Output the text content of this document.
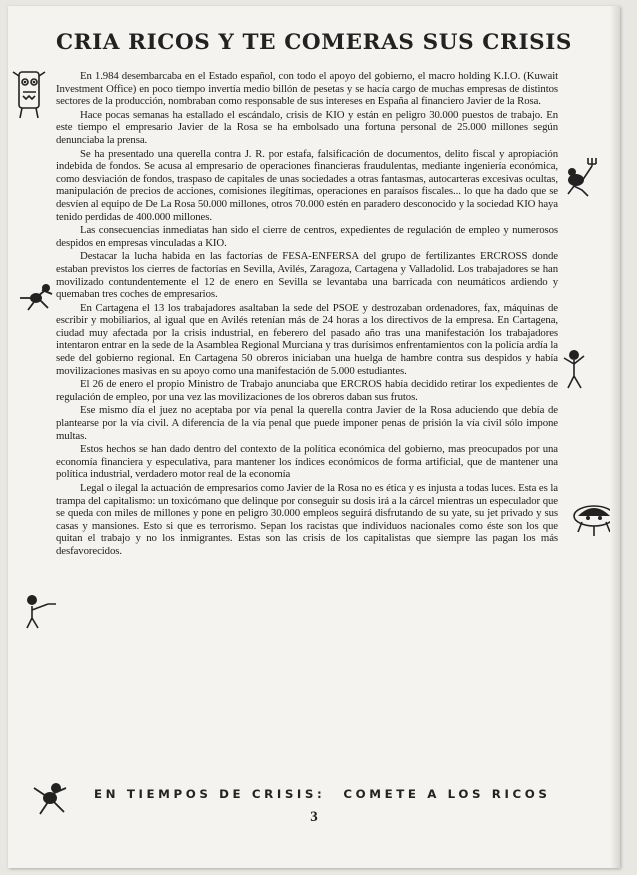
CRIA RICOS Y TE COMERAS SUS CRISIS

En 1.984 desembarcaba en el Estado español, con todo el apoyo del gobierno, el macro holding K.I.O. (Kuwait Investment Office) en poco tiempo invertía medio billón de pesetas y se hacía cargo de muchas empresas de distintos sectores de la producción, nombraban como responsable de sus intereses en España al financiero Javier de la Rosa.

Hace pocas semanas ha estallado el escándalo, crisis de KIO y están en peligro 30.000 puestos de trabajo. En este tiempo el empresario Javier de la Rosa se ha embolsado una fortuna personal de 25.000 millones según denunciaba la prensa.

Se ha presentado una querella contra J. R. por estafa, falsificación de documentos, delito fiscal y apropiación indebida de fondos. Se acusa al empresario de operaciones financieras fraudulentas, mediante ingeniería económica, como desviación de fondos, traspaso de capitales de unas sociedades a otras fantasmas, autocarteras excesivas ocultas, manipulación de precios de acciones, comisiones ilegítimas, operaciones en paraísos fiscales... lo que ha dado que se desvíen al equipo de De La Rosa 50.000 millones, otros 70.000 estén en paradero desconocido y la sociedad KIO haya tenido perdidas de 400.000 millones.

Las consecuencias inmediatas han sido el cierre de centros, expedientes de regulación de empleo y numerosos despidos en empresas vinculadas a KIO.

Destacar la lucha habida en las factorías de FESA-ENFERSA del grupo de fertilizantes ERCROSS donde estaban previstos los cierres de factorías en Sevilla, Avilés, Zaragoza, Cartagena y Valladolid. Los trabajadores se han movilizado contundentemente el 12 de enero en Sevilla se levantaba una barricada con neumáticos ardiendo y quemaban tres coches de empresarios.

En Cartagena el 13 los trabajadores asaltaban la sede del PSOE y destrozaban ordenadores, fax, máquinas de escribir y mobiliarios, al igual que en Avilés retenían más de 24 horas a los directivos de la empresa. En Cartagena, ciudad muy afectada por la crisis industrial, en feberero del pasado año tras una manifestación los trabajadores intentaron entrar en la sede de la Asamblea Regional Murciana y tras durísimos enfrentamientos con la policía ardía la sede del gobierno regional. En Cartagena 50 obreros iniciaban una huelga de hambre contra sus despidos y había movilizaciones masivas en su apoyo como una manifestación de 5.000 estudiantes.

El 26 de enero el propio Ministro de Trabajo anunciaba que ERCROS había decidido retirar los expedientes de regulación de empleo, por una vez las movilizaciones de los obreros daban sus frutos.

Ese mismo día el juez no aceptaba por vía penal la querella contra Javier de la Rosa aduciendo que debía de plantearse por la vía civil. A diferencia de la vía penal que puede imponer penas de prisión la vía civil sólo impone multas.

Estos hechos se han dado dentro del contexto de la política económica del gobierno, mas preocupados por una economía financiera y especulativa, para mantener los índices económicos de forma artificial, que de mantener una política industrial, verdadero motor real de la economía

Legal o ilegal la actuación de empresarios como Javier de la Rosa no es ética y es injusta a todas luces. Esta es la trampa del capitalismo: un toxicómano que delinque por conseguir su dosis irá a la cárcel mientras un especulador que se queda con miles de millones y pone en peligro 30.000 empleos seguirá disfrutando de su yate, su jet privado y sus casas y mansiones. Esto si que es terrorismo. Sepan los racistas que individuos nacionales como éste son los que quitan el trabajo y no los inmigrantes. Estas son las crisis de los capitalistas que siempre las pagan los más desfavorecidos.

EN TIEMPOS DE CRISIS: COMETE A LOS RICOS
3
